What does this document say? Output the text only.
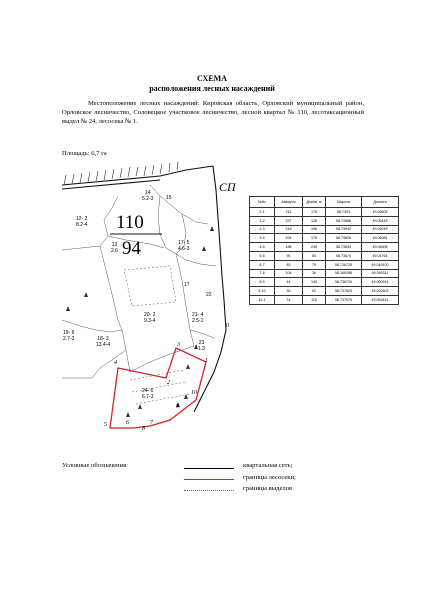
СХЕМА
расположения лесных насаждений
Местоположение лесных насаждений: Кировская область, Орловский муниципальный район, Орловское лесничество, Соловецкое участковое лесничество, лесной квартал № 110, лесотаксационный выдел № 24, лесосека № 1.
Площадь: 6,7 га
110
94
СП
14
5.2-3	15
12- 2
8.2-4
13
2.6
17- 5
4.6-3
17
20- 2
9.3-4
21- 4
2.5-1
22
19- 6
2.7-3	18- 2
13.4-4	23
1.3
24- 6
6.7-3
0
1
2
3
4
5	6	7
8
9
10
№№	Азимуты	Длина, м	Широта	Долгота
0-1	211	175	58.7403	49.05608
1-2	297	128	58.73888	49.05448
2-3	216	156	58.73942	49.05249
3-4	294	178	58.73826	49.05081
4-5	186	245	58.73893	49.04808
5-6	90	84	58.73674	49.04764
6-7	83	75	58.736729	49.049100
7-8	104	36	58.169288	49.050311
8-9	44	140	58.736729	49.050914
9-10	30	62	58.737623	49.052602
10-1	31	115	58.737975	49.053441
Условные обозначения:	квартальная сеть;
границы лесосеки;
границы выделов
